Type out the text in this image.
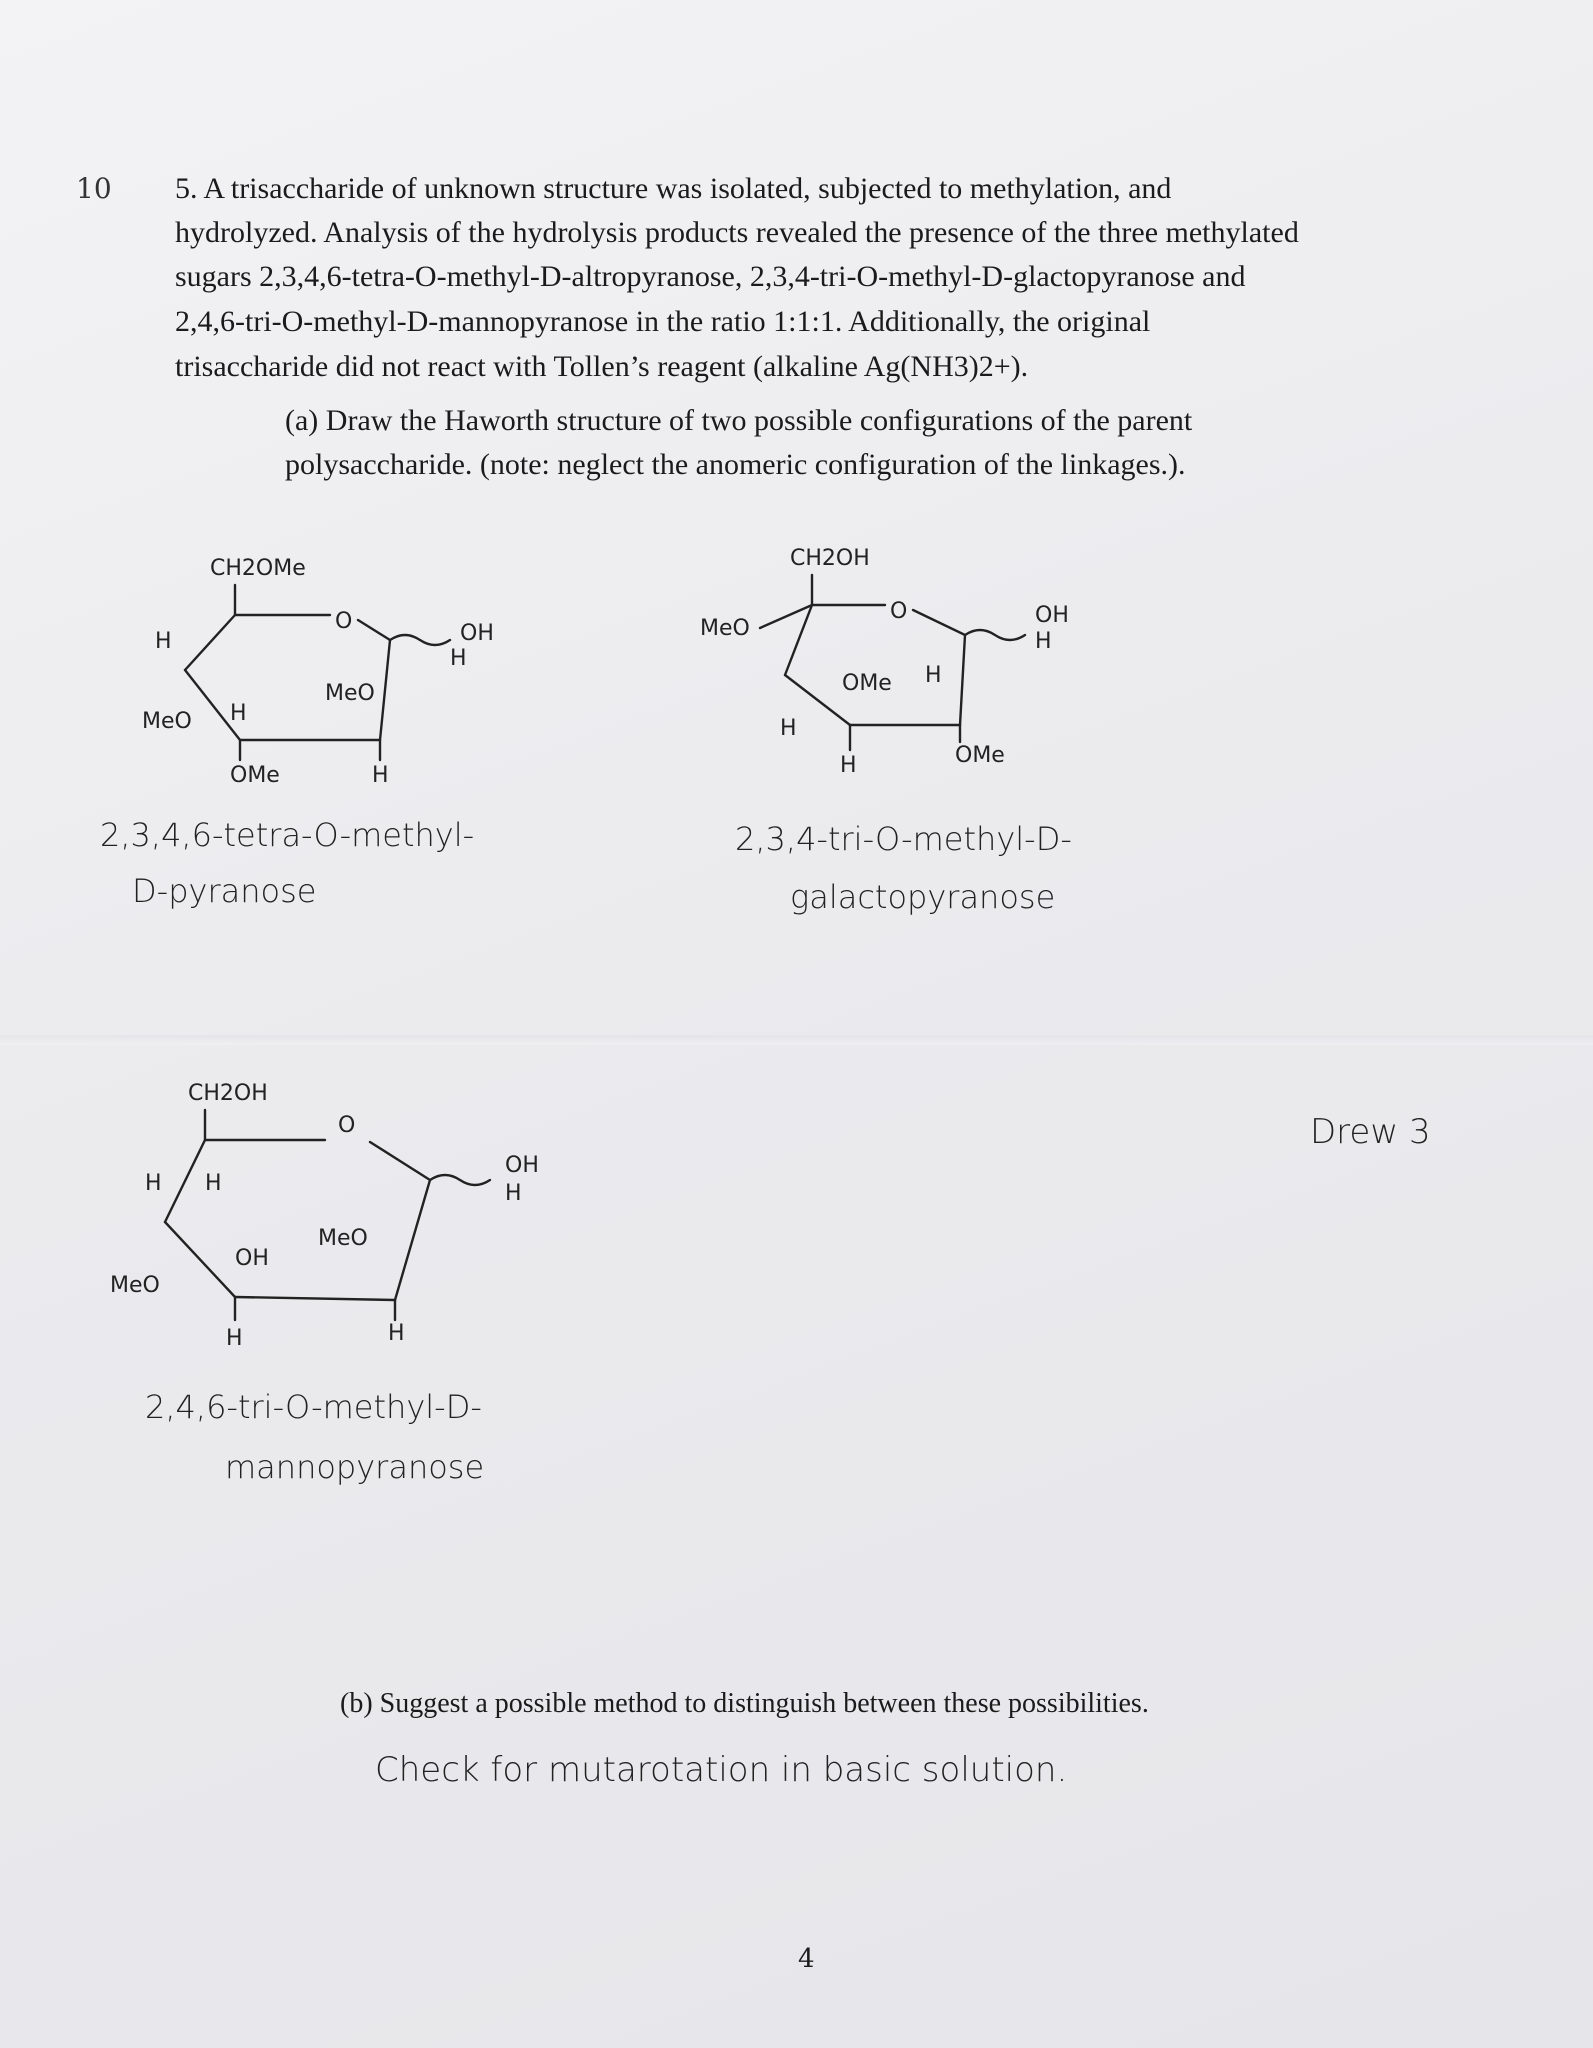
10 5. A trisaccharide of unknown structure was isolated, subjected to methylation, and
hydrolyzed. Analysis of the hydrolysis products revealed the presence of the three methylated
sugars 2,3,4,6-tetra-O-methyl-D-altropyranose, 2,3,4-tri-O-methyl-D-glactopyranose and
2,4,6-tri-O-methyl-D-mannopyranose in the ratio 1:1:1. Additionally, the original
trisaccharide did not react with Tollen’s reagent (alkaline Ag(NH3)2+).
(a) Draw the Haworth structure of two possible configurations of the parent
polysaccharide. (note: neglect the anomeric configuration of the linkages.).
CH2OMe
O	OH
H
H
MeO H
MeO
OMe	H
2,3,4,6-tetra-O-methyl-
D-pyranose
CH2OH
O	OH
H
MeO
OMe H
H
H	OMe
2,3,4-tri-O-methyl-D-
galactopyranose
CH2OH
O
OH
H
H H
MeO
OH
MeO
H	H
2,4,6-tri-O-methyl-D-
mannopyranose
Drew 3
(b) Suggest a possible method to distinguish between these possibilities.
Check for mutarotation in basic solution.
4
